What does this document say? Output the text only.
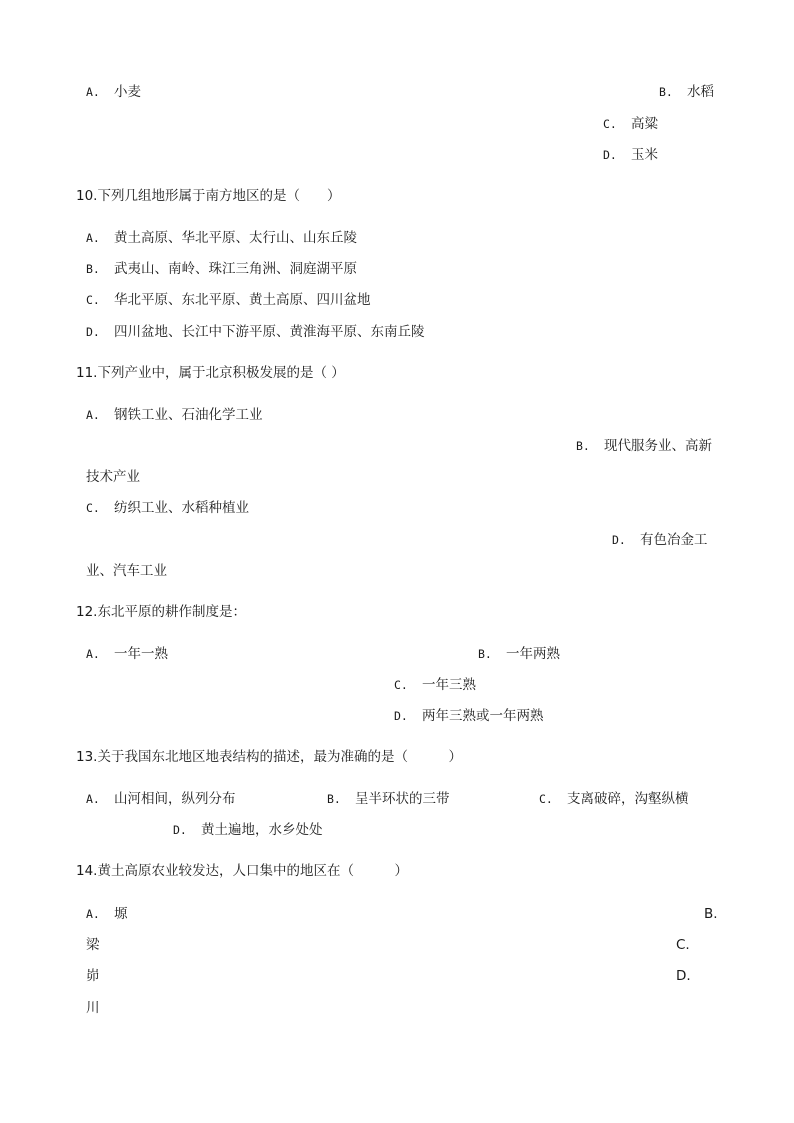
A. 小麦	B. 水稻
C. 高粱
D. 玉米
10.下列几组地形属于南方地区的是（　　）
A. 黄土高原、华北平原、太行山、山东丘陵
B. 武夷山、南岭、珠江三角洲、洞庭湖平原
C. 华北平原、东北平原、黄土高原、四川盆地
D. 四川盆地、长江中下游平原、黄淮海平原、东南丘陵
11.下列产业中，属于北京积极发展的是（ ）
A. 钢铁工业、石油化学工业
B. 现代服务业、高新
技术产业
C. 纺织工业、水稻种植业
D. 有色冶金工
业、汽车工业
12.东北平原的耕作制度是：
A. 一年一熟	B. 一年两熟
C. 一年三熟
D. 两年三熟或一年两熟
13.关于我国东北地区地表结构的描述，最为准确的是（　　　）
A. 山河相间，纵列分布	B. 呈半环状的三带	C. 支离破碎，沟壑纵横
D. 黄土遍地，水乡处处
14.黄土高原农业较发达，人口集中的地区在（　　　）
A. 塬	B.
梁	C.
峁	D.
川
